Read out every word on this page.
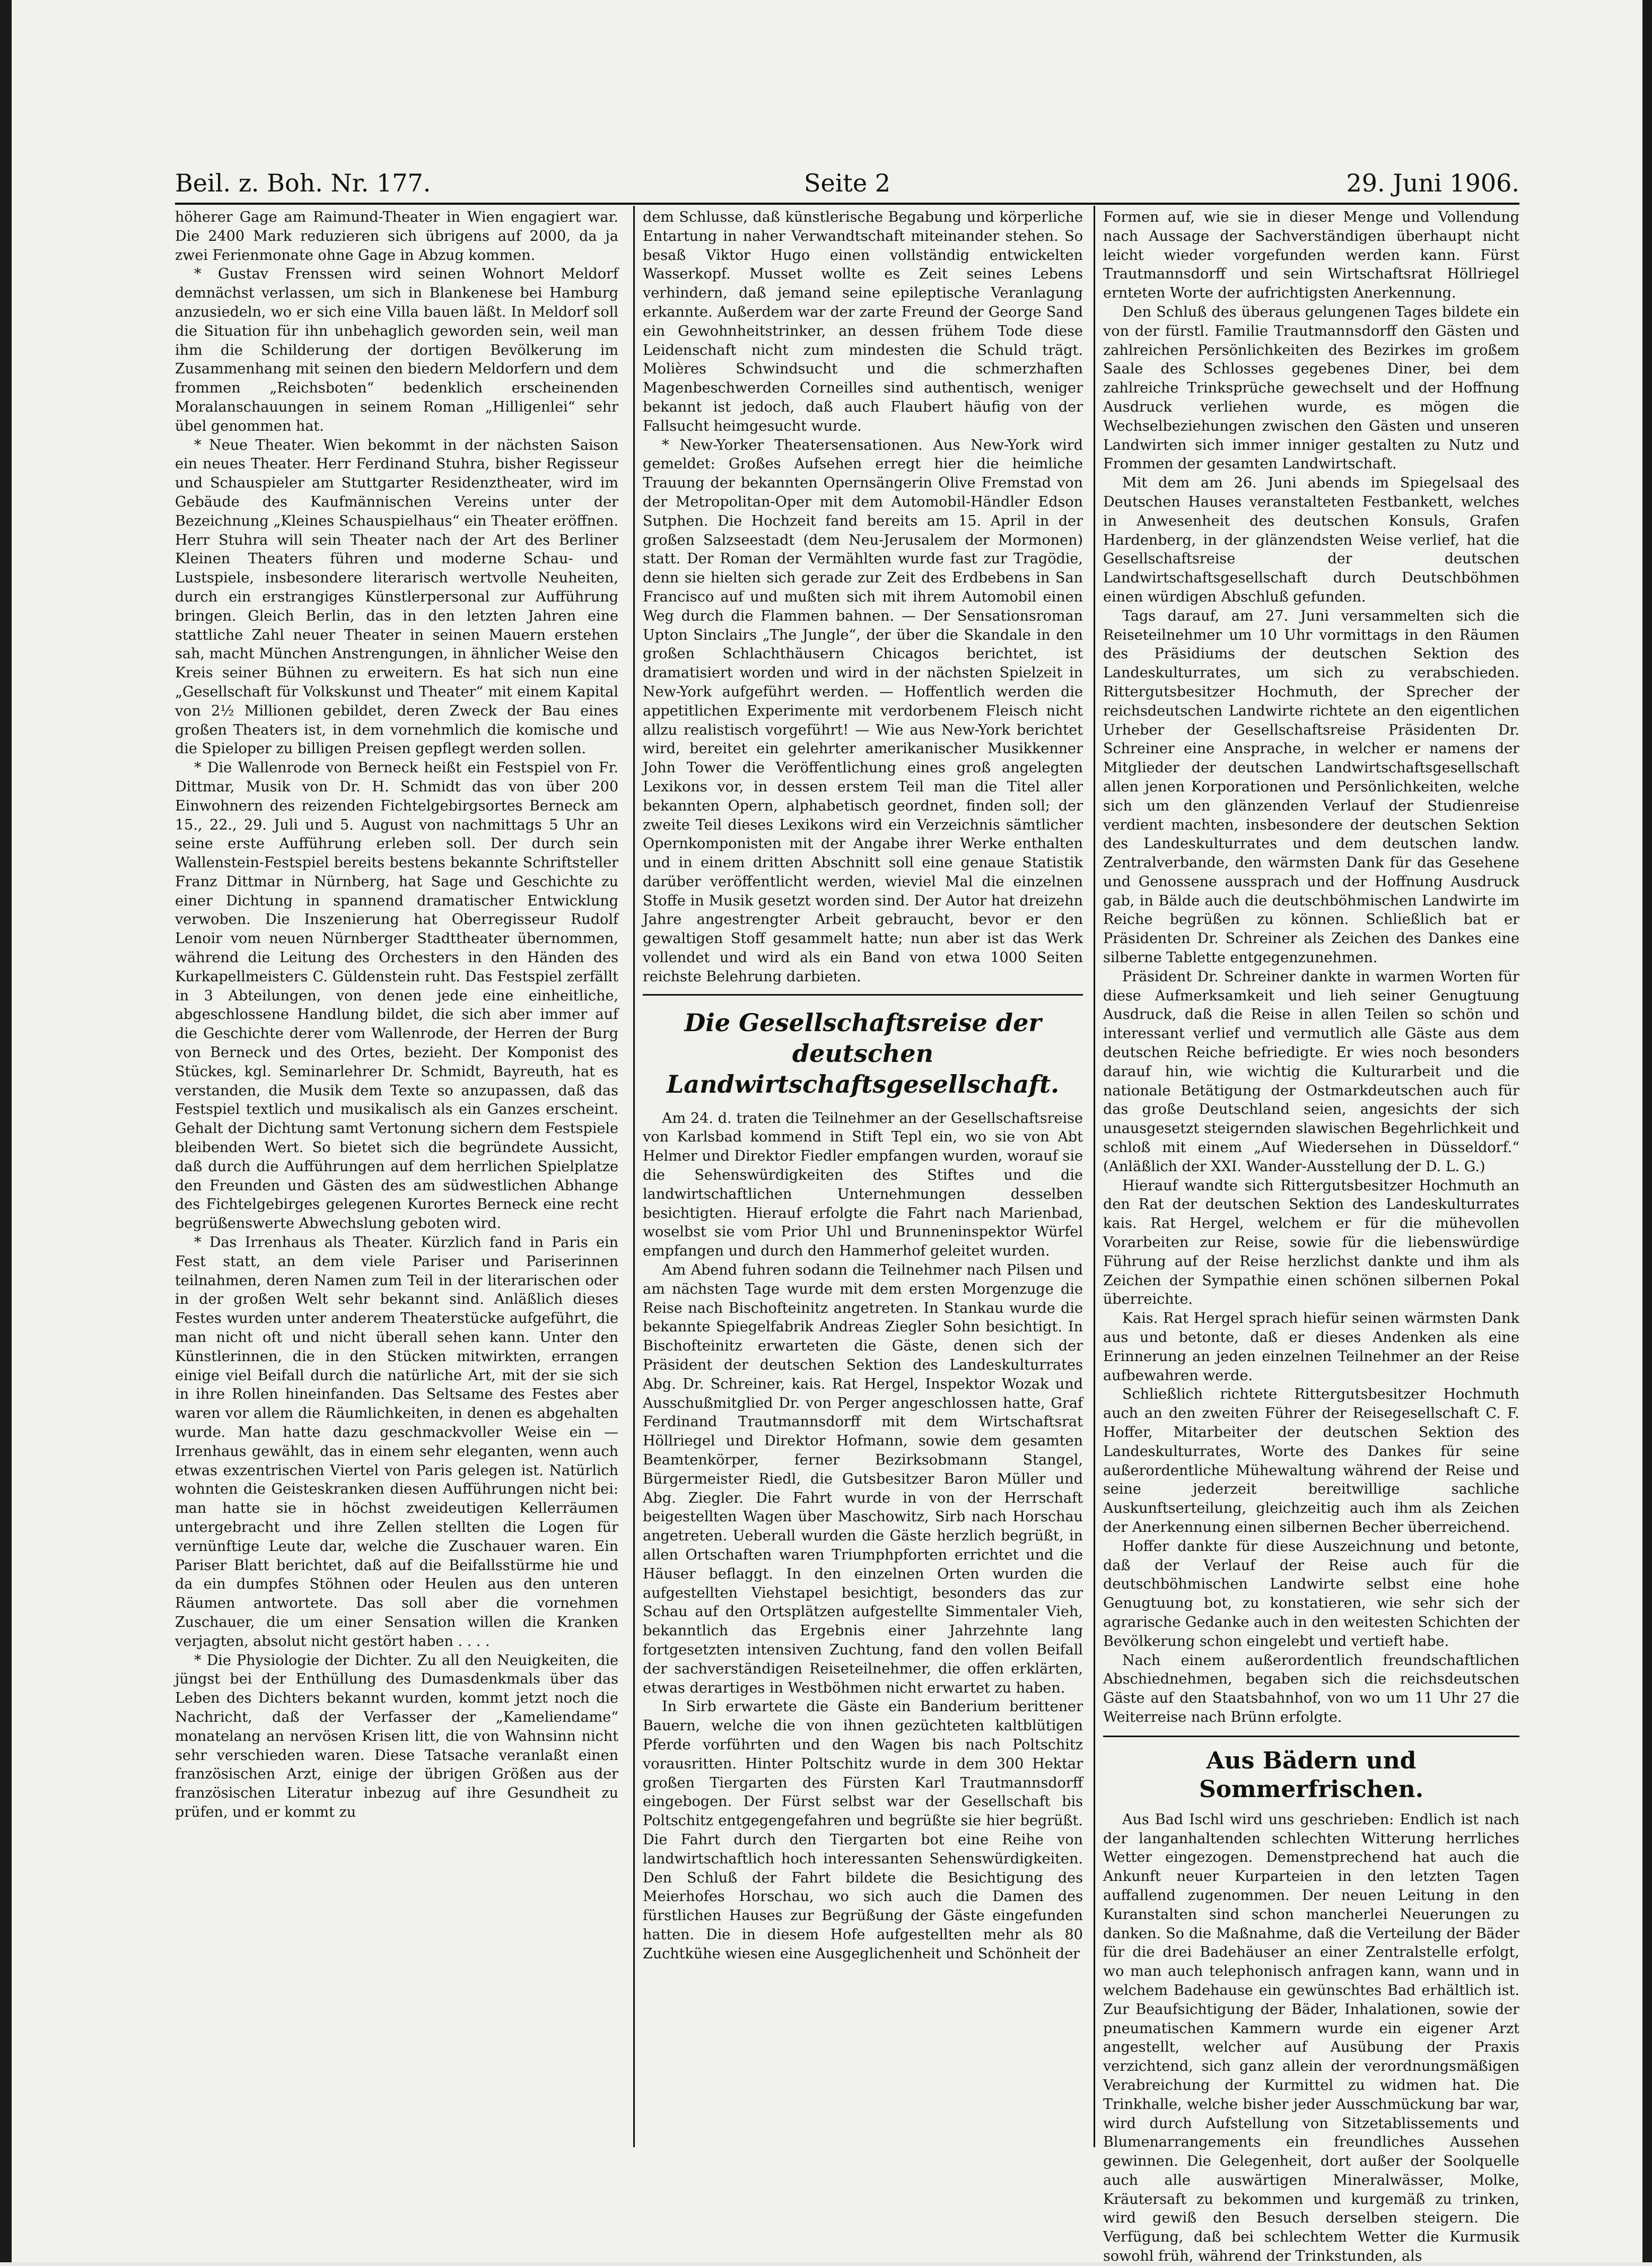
Beil. z. Boh. Nr. 177.	Seite 2	29. Juni 1906.

höherer Gage am Raimund-Theater in Wien engagiert war. Die 2400 Mark reduzieren sich übrigens auf 2000, da ja zwei Ferienmonate ohne Gage in Abzug kommen.

* Gustav Frenssen wird seinen Wohnort Meldorf demnächst verlassen, um sich in Blankenese bei Hamburg anzusiedeln, wo er sich eine Villa bauen läßt. In Meldorf soll die Situation für ihn unbehaglich geworden sein, weil man ihm die Schilderung der dortigen Bevölkerung im Zusammenhang mit seinen den biedern Meldorfern und dem frommen „Reichsboten“ bedenklich erscheinenden Moralanschauungen in seinem Roman „Hilligenlei“ sehr übel genommen hat.

* Neue Theater. Wien bekommt in der nächsten Saison ein neues Theater. Herr Ferdinand Stuhra, bisher Regisseur und Schauspieler am Stuttgarter Residenztheater, wird im Gebäude des Kaufmännischen Vereins unter der Bezeichnung „Kleines Schauspielhaus“ ein Theater eröffnen. Herr Stuhra will sein Theater nach der Art des Berliner Kleinen Theaters führen und moderne Schau- und Lustspiele, insbesondere literarisch wertvolle Neuheiten, durch ein erstrangiges Künstlerpersonal zur Aufführung bringen. Gleich Berlin, das in den letzten Jahren eine stattliche Zahl neuer Theater in seinen Mauern erstehen sah, macht München Anstrengungen, in ähnlicher Weise den Kreis seiner Bühnen zu erweitern. Es hat sich nun eine „Gesellschaft für Volkskunst und Theater“ mit einem Kapital von 2½ Millionen gebildet, deren Zweck der Bau eines großen Theaters ist, in dem vornehmlich die komische und die Spieloper zu billigen Preisen gepflegt werden sollen.

* Die Wallenrode von Berneck heißt ein Festspiel von Fr. Dittmar, Musik von Dr. H. Schmidt das von über 200 Einwohnern des reizenden Fichtelgebirgsortes Berneck am 15., 22., 29. Juli und 5. August von nachmittags 5 Uhr an seine erste Aufführung erleben soll. Der durch sein Wallenstein-Festspiel bereits bestens bekannte Schriftsteller Franz Dittmar in Nürnberg, hat Sage und Geschichte zu einer Dichtung in spannend dramatischer Entwicklung verwoben. Die Inszenierung hat Oberregisseur Rudolf Lenoir vom neuen Nürnberger Stadttheater übernommen, während die Leitung des Orchesters in den Händen des Kurkapellmeisters C. Güldenstein ruht. Das Festspiel zerfällt in 3 Abteilungen, von denen jede eine einheitliche, abgeschlossene Handlung bildet, die sich aber immer auf die Geschichte derer vom Wallenrode, der Herren der Burg von Berneck und des Ortes, bezieht. Der Komponist des Stückes, kgl. Seminarlehrer Dr. Schmidt, Bayreuth, hat es verstanden, die Musik dem Texte so anzupassen, daß das Festspiel textlich und musikalisch als ein Ganzes erscheint. Gehalt der Dichtung samt Vertonung sichern dem Festspiele bleibenden Wert. So bietet sich die begründete Aussicht, daß durch die Aufführungen auf dem herrlichen Spielplatze den Freunden und Gästen des am südwestlichen Abhange des Fichtelgebirges gelegenen Kurortes Berneck eine recht begrüßenswerte Abwechslung geboten wird.

* Das Irrenhaus als Theater. Kürzlich fand in Paris ein Fest statt, an dem viele Pariser und Pariserinnen teilnahmen, deren Namen zum Teil in der literarischen oder in der großen Welt sehr bekannt sind. Anläßlich dieses Festes wurden unter anderem Theaterstücke aufgeführt, die man nicht oft und nicht überall sehen kann. Unter den Künstlerinnen, die in den Stücken mitwirkten, errangen einige viel Beifall durch die natürliche Art, mit der sie sich in ihre Rollen hineinfanden. Das Seltsame des Festes aber waren vor allem die Räumlichkeiten, in denen es abgehalten wurde. Man hatte dazu geschmackvoller Weise ein — Irrenhaus gewählt, das in einem sehr eleganten, wenn auch etwas exzentrischen Viertel von Paris gelegen ist. Natürlich wohnten die Geisteskranken diesen Aufführungen nicht bei: man hatte sie in höchst zweideutigen Kellerräumen untergebracht und ihre Zellen stellten die Logen für vernünftige Leute dar, welche die Zuschauer waren. Ein Pariser Blatt berichtet, daß auf die Beifallsstürme hie und da ein dumpfes Stöhnen oder Heulen aus den unteren Räumen antwortete. Das soll aber die vornehmen Zuschauer, die um einer Sensation willen die Kranken verjagten, absolut nicht gestört haben . . . .

* Die Physiologie der Dichter. Zu all den Neuigkeiten, die jüngst bei der Enthüllung des Dumasdenkmals über das Leben des Dichters bekannt wurden, kommt jetzt noch die Nachricht, daß der Verfasser der „Kameliendame“ monatelang an nervösen Krisen litt, die von Wahnsinn nicht sehr verschieden waren. Diese Tatsache veranlaßt einen französischen Arzt, einige der übrigen Größen aus der französischen Literatur inbezug auf ihre Gesundheit zu prüfen, und er kommt zu

dem Schlusse, daß künstlerische Begabung und körperliche Entartung in naher Verwandtschaft miteinander stehen. So besaß Viktor Hugo einen vollständig entwickelten Wasserkopf. Musset wollte es Zeit seines Lebens verhindern, daß jemand seine epileptische Veranlagung erkannte. Außerdem war der zarte Freund der George Sand ein Gewohnheitstrinker, an dessen frühem Tode diese Leidenschaft nicht zum mindesten die Schuld trägt. Molières Schwindsucht und die schmerzhaften Magenbeschwerden Corneilles sind authentisch, weniger bekannt ist jedoch, daß auch Flaubert häufig von der Fallsucht heimgesucht wurde.

* New-Yorker Theatersensationen. Aus New-York wird gemeldet: Großes Aufsehen erregt hier die heimliche Trauung der bekannten Opernsängerin Olive Fremstad von der Metropolitan-Oper mit dem Automobil-Händler Edson Sutphen. Die Hochzeit fand bereits am 15. April in der großen Salzseestadt (dem Neu-Jerusalem der Mormonen) statt. Der Roman der Vermählten wurde fast zur Tragödie, denn sie hielten sich gerade zur Zeit des Erdbebens in San Francisco auf und mußten sich mit ihrem Automobil einen Weg durch die Flammen bahnen. — Der Sensationsroman Upton Sinclairs „The Jungle“, der über die Skandale in den großen Schlachthäusern Chicagos berichtet, ist dramatisiert worden und wird in der nächsten Spielzeit in New-York aufgeführt werden. — Hoffentlich werden die appetitlichen Experimente mit verdorbenem Fleisch nicht allzu realistisch vorgeführt! — Wie aus New-York berichtet wird, bereitet ein gelehrter amerikanischer Musikkenner John Tower die Veröffentlichung eines groß angelegten Lexikons vor, in dessen erstem Teil man die Titel aller bekannten Opern, alphabetisch geordnet, finden soll; der zweite Teil dieses Lexikons wird ein Verzeichnis sämtlicher Opernkomponisten mit der Angabe ihrer Werke enthalten und in einem dritten Abschnitt soll eine genaue Statistik darüber veröffentlicht werden, wieviel Mal die einzelnen Stoffe in Musik gesetzt worden sind. Der Autor hat dreizehn Jahre angestrengter Arbeit gebraucht, bevor er den gewaltigen Stoff gesammelt hatte; nun aber ist das Werk vollendet und wird als ein Band von etwa 1000 Seiten reichste Belehrung darbieten.

Die Gesellschaftsreise der deutschen Landwirtschaftsgesellschaft.

Am 24. d. traten die Teilnehmer an der Gesellschaftsreise von Karlsbad kommend in Stift Tepl ein, wo sie von Abt Helmer und Direktor Fiedler empfangen wurden, worauf sie die Sehenswürdigkeiten des Stiftes und die landwirtschaftlichen Unternehmungen desselben besichtigten. Hierauf erfolgte die Fahrt nach Marienbad, woselbst sie vom Prior Uhl und Brunneninspektor Würfel empfangen und durch den Hammerhof geleitet wurden.

Am Abend fuhren sodann die Teilnehmer nach Pilsen und am nächsten Tage wurde mit dem ersten Morgenzuge die Reise nach Bischofteinitz angetreten. In Stankau wurde die bekannte Spiegelfabrik Andreas Ziegler Sohn besichtigt. In Bischofteinitz erwarteten die Gäste, denen sich der Präsident der deutschen Sektion des Landeskulturrates Abg. Dr. Schreiner, kais. Rat Hergel, Inspektor Wozak und Ausschußmitglied Dr. von Perger angeschlossen hatte, Graf Ferdinand Trautmannsdorff mit dem Wirtschaftsrat Höllriegel und Direktor Hofmann, sowie dem gesamten Beamtenkörper, ferner Bezirksobmann Stangel, Bürgermeister Riedl, die Gutsbesitzer Baron Müller und Abg. Ziegler. Die Fahrt wurde in von der Herrschaft beigestellten Wagen über Maschowitz, Sirb nach Horschau angetreten. Ueberall wurden die Gäste herzlich begrüßt, in allen Ortschaften waren Triumphpforten errichtet und die Häuser beflaggt. In den einzelnen Orten wurden die aufgestellten Viehstapel besichtigt, besonders das zur Schau auf den Ortsplätzen aufgestellte Simmentaler Vieh, bekanntlich das Ergebnis einer Jahrzehnte lang fortgesetzten intensiven Zuchtung, fand den vollen Beifall der sachverständigen Reiseteilnehmer, die offen erklärten, etwas derartiges in Westböhmen nicht erwartet zu haben.

In Sirb erwartete die Gäste ein Banderium berittener Bauern, welche die von ihnen gezüchteten kaltblütigen Pferde vorführten und den Wagen bis nach Poltschitz vorausritten. Hinter Poltschitz wurde in dem 300 Hektar großen Tiergarten des Fürsten Karl Trautmannsdorff eingebogen. Der Fürst selbst war der Gesellschaft bis Poltschitz entgegengefahren und begrüßte sie hier begrüßt. Die Fahrt durch den Tiergarten bot eine Reihe von landwirtschaftlich hoch interessanten Sehenswürdigkeiten. Den Schluß der Fahrt bildete die Besichtigung des Meierhofes Horschau, wo sich auch die Damen des fürstlichen Hauses zur Begrüßung der Gäste eingefunden hatten. Die in diesem Hofe aufgestellten mehr als 80 Zuchtkühe wiesen eine Ausgeglichenheit und Schönheit der

Formen auf, wie sie in dieser Menge und Vollendung nach Aussage der Sachverständigen überhaupt nicht leicht wieder vorgefunden werden kann. Fürst Trautmannsdorff und sein Wirtschaftsrat Höllriegel ernteten Worte der aufrichtigsten Anerkennung.

Den Schluß des überaus gelungenen Tages bildete ein von der fürstl. Familie Trautmannsdorff den Gästen und zahlreichen Persönlichkeiten des Bezirkes im großem Saale des Schlosses gegebenes Diner, bei dem zahlreiche Trinksprüche gewechselt und der Hoffnung Ausdruck verliehen wurde, es mögen die Wechselbeziehungen zwischen den Gästen und unseren Landwirten sich immer inniger gestalten zu Nutz und Frommen der gesamten Landwirtschaft.

Mit dem am 26. Juni abends im Spiegelsaal des Deutschen Hauses veranstalteten Festbankett, welches in Anwesenheit des deutschen Konsuls, Grafen Hardenberg, in der glänzendsten Weise verlief, hat die Gesellschaftsreise der deutschen Landwirtschaftsgesellschaft durch Deutschböhmen einen würdigen Abschluß gefunden.

Tags darauf, am 27. Juni versammelten sich die Reiseteilnehmer um 10 Uhr vormittags in den Räumen des Präsidiums der deutschen Sektion des Landeskulturrates, um sich zu verabschieden. Rittergutsbesitzer Hochmuth, der Sprecher der reichsdeutschen Landwirte richtete an den eigentlichen Urheber der Gesellschaftsreise Präsidenten Dr. Schreiner eine Ansprache, in welcher er namens der Mitglieder der deutschen Landwirtschaftsgesellschaft allen jenen Korporationen und Persönlichkeiten, welche sich um den glänzenden Verlauf der Studienreise verdient machten, insbesondere der deutschen Sektion des Landeskulturrates und dem deutschen landw. Zentralverbande, den wärmsten Dank für das Gesehene und Genossene aussprach und der Hoffnung Ausdruck gab, in Bälde auch die deutschböhmischen Landwirte im Reiche begrüßen zu können. Schließlich bat er Präsidenten Dr. Schreiner als Zeichen des Dankes eine silberne Tablette entgegenzunehmen.

Präsident Dr. Schreiner dankte in warmen Worten für diese Aufmerksamkeit und lieh seiner Genugtuung Ausdruck, daß die Reise in allen Teilen so schön und interessant verlief und vermutlich alle Gäste aus dem deutschen Reiche befriedigte. Er wies noch besonders darauf hin, wie wichtig die Kulturarbeit und die nationale Betätigung der Ostmarkdeutschen auch für das große Deutschland seien, angesichts der sich unausgesetzt steigernden slawischen Begehrlichkeit und schloß mit einem „Auf Wiedersehen in Düsseldorf.“ (Anläßlich der XXI. Wander-Ausstellung der D. L. G.)

Hierauf wandte sich Rittergutsbesitzer Hochmuth an den Rat der deutschen Sektion des Landeskulturrates kais. Rat Hergel, welchem er für die mühevollen Vorarbeiten zur Reise, sowie für die liebenswürdige Führung auf der Reise herzlichst dankte und ihm als Zeichen der Sympathie einen schönen silbernen Pokal überreichte.

Kais. Rat Hergel sprach hiefür seinen wärmsten Dank aus und betonte, daß er dieses Andenken als eine Erinnerung an jeden einzelnen Teilnehmer an der Reise aufbewahren werde.

Schließlich richtete Rittergutsbesitzer Hochmuth auch an den zweiten Führer der Reisegesellschaft C. F. Hoffer, Mitarbeiter der deutschen Sektion des Landeskulturrates, Worte des Dankes für seine außerordentliche Mühewaltung während der Reise und seine jederzeit bereitwillige sachliche Auskunftserteilung, gleichzeitig auch ihm als Zeichen der Anerkennung einen silbernen Becher überreichend.

Hoffer dankte für diese Auszeichnung und betonte, daß der Verlauf der Reise auch für die deutschböhmischen Landwirte selbst eine hohe Genugtuung bot, zu konstatieren, wie sehr sich der agrarische Gedanke auch in den weitesten Schichten der Bevölkerung schon eingelebt und vertieft habe.

Nach einem außerordentlich freundschaftlichen Abschiednehmen, begaben sich die reichsdeutschen Gäste auf den Staatsbahnhof, von wo um 11 Uhr 27 die Weiterreise nach Brünn erfolgte.

Aus Bädern und Sommerfrischen.

Aus Bad Ischl wird uns geschrieben: Endlich ist nach der langanhaltenden schlechten Witterung herrliches Wetter eingezogen. Demenstprechend hat auch die Ankunft neuer Kurparteien in den letzten Tagen auffallend zugenommen. Der neuen Leitung in den Kuranstalten sind schon mancherlei Neuerungen zu danken. So die Maßnahme, daß die Verteilung der Bäder für die drei Badehäuser an einer Zentralstelle erfolgt, wo man auch telephonisch anfragen kann, wann und in welchem Badehause ein gewünschtes Bad erhältlich ist. Zur Beaufsichtigung der Bäder, Inhalationen, sowie der pneumatischen Kammern wurde ein eigener Arzt angestellt, welcher auf Ausübung der Praxis verzichtend, sich ganz allein der verordnungsmäßigen Verabreichung der Kurmittel zu widmen hat. Die Trinkhalle, welche bisher jeder Ausschmückung bar war, wird durch Aufstellung von Sitzetablissements und Blumenarrangements ein freundliches Aussehen gewinnen. Die Gelegenheit, dort außer der Soolquelle auch alle auswärtigen Mineralwässer, Molke, Kräutersaft zu bekommen und kurgemäß zu trinken, wird gewiß den Besuch derselben steigern. Die Verfügung, daß bei schlechtem Wetter die Kurmusik sowohl früh, während der Trinkstunden, als
